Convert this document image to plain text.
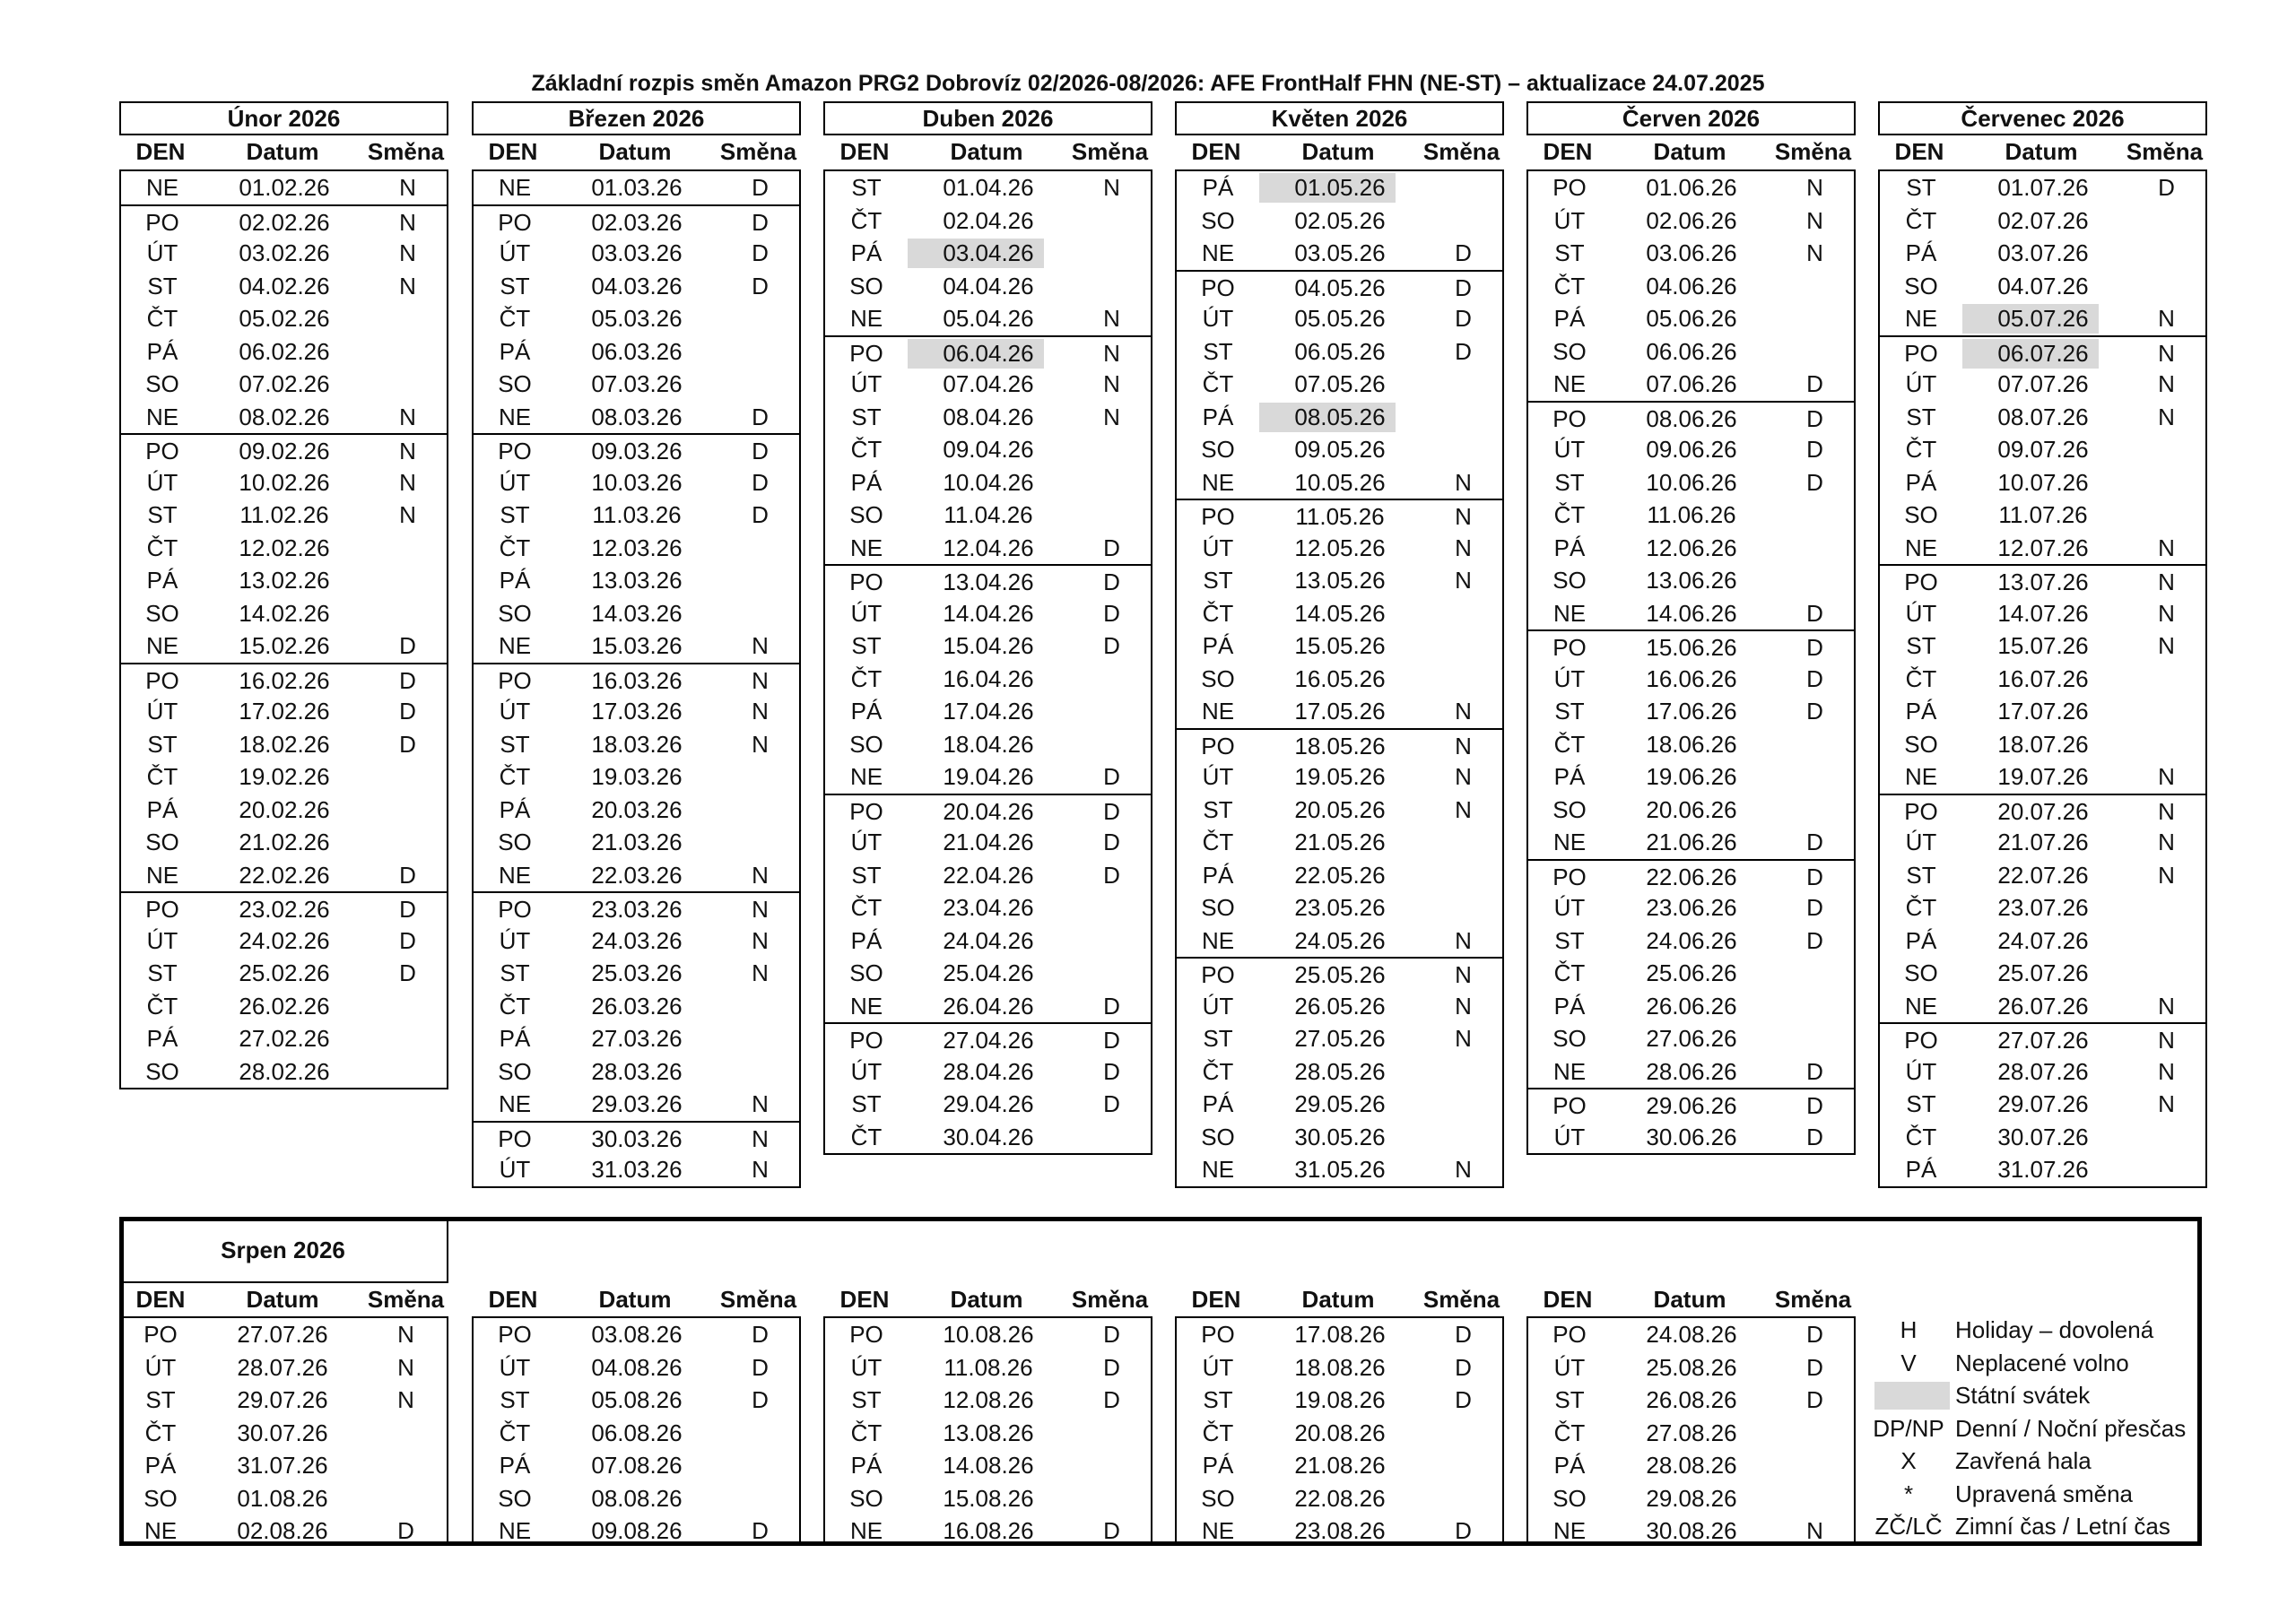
Základní rozpis směn Amazon PRG2 Dobrovíz 02/2026-08/2026: AFE FrontHalf FHN (NE-ST) – aktualizace 24.07.2025
Únor 2026
DEN	Datum	Směna
NE	01.02.26	N
PO	02.02.26	N
ÚT	03.02.26	N
ST	04.02.26	N
ČT	05.02.26
PÁ	06.02.26
SO	07.02.26
NE	08.02.26	N
PO	09.02.26	N
ÚT	10.02.26	N
ST	11.02.26	N
ČT	12.02.26
PÁ	13.02.26
SO	14.02.26
NE	15.02.26	D
PO	16.02.26	D
ÚT	17.02.26	D
ST	18.02.26	D
ČT	19.02.26
PÁ	20.02.26
SO	21.02.26
NE	22.02.26	D
PO	23.02.26	D
ÚT	24.02.26	D
ST	25.02.26	D
ČT	26.02.26
PÁ	27.02.26
SO	28.02.26
Březen 2026
DEN	Datum	Směna
NE	01.03.26	D
PO	02.03.26	D
ÚT	03.03.26	D
ST	04.03.26	D
ČT	05.03.26
PÁ	06.03.26
SO	07.03.26
NE	08.03.26	D
PO	09.03.26	D
ÚT	10.03.26	D
ST	11.03.26	D
ČT	12.03.26
PÁ	13.03.26
SO	14.03.26
NE	15.03.26	N
PO	16.03.26	N
ÚT	17.03.26	N
ST	18.03.26	N
ČT	19.03.26
PÁ	20.03.26
SO	21.03.26
NE	22.03.26	N
PO	23.03.26	N
ÚT	24.03.26	N
ST	25.03.26	N
ČT	26.03.26
PÁ	27.03.26
SO	28.03.26
NE	29.03.26	N
PO	30.03.26	N
ÚT	31.03.26	N
Duben 2026
DEN	Datum	Směna
ST	01.04.26	N
ČT	02.04.26
PÁ	03.04.26
SO	04.04.26
NE	05.04.26	N
PO	06.04.26	N
ÚT	07.04.26	N
ST	08.04.26	N
ČT	09.04.26
PÁ	10.04.26
SO	11.04.26
NE	12.04.26	D
PO	13.04.26	D
ÚT	14.04.26	D
ST	15.04.26	D
ČT	16.04.26
PÁ	17.04.26
SO	18.04.26
NE	19.04.26	D
PO	20.04.26	D
ÚT	21.04.26	D
ST	22.04.26	D
ČT	23.04.26
PÁ	24.04.26
SO	25.04.26
NE	26.04.26	D
PO	27.04.26	D
ÚT	28.04.26	D
ST	29.04.26	D
ČT	30.04.26
Květen 2026
DEN	Datum	Směna
PÁ	01.05.26
SO	02.05.26
NE	03.05.26	D
PO	04.05.26	D
ÚT	05.05.26	D
ST	06.05.26	D
ČT	07.05.26
PÁ	08.05.26
SO	09.05.26
NE	10.05.26	N
PO	11.05.26	N
ÚT	12.05.26	N
ST	13.05.26	N
ČT	14.05.26
PÁ	15.05.26
SO	16.05.26
NE	17.05.26	N
PO	18.05.26	N
ÚT	19.05.26	N
ST	20.05.26	N
ČT	21.05.26
PÁ	22.05.26
SO	23.05.26
NE	24.05.26	N
PO	25.05.26	N
ÚT	26.05.26	N
ST	27.05.26	N
ČT	28.05.26
PÁ	29.05.26
SO	30.05.26
NE	31.05.26	N
Červen 2026
DEN	Datum	Směna
PO	01.06.26	N
ÚT	02.06.26	N
ST	03.06.26	N
ČT	04.06.26
PÁ	05.06.26
SO	06.06.26
NE	07.06.26	D
PO	08.06.26	D
ÚT	09.06.26	D
ST	10.06.26	D
ČT	11.06.26
PÁ	12.06.26
SO	13.06.26
NE	14.06.26	D
PO	15.06.26	D
ÚT	16.06.26	D
ST	17.06.26	D
ČT	18.06.26
PÁ	19.06.26
SO	20.06.26
NE	21.06.26	D
PO	22.06.26	D
ÚT	23.06.26	D
ST	24.06.26	D
ČT	25.06.26
PÁ	26.06.26
SO	27.06.26
NE	28.06.26	D
PO	29.06.26	D
ÚT	30.06.26	D
Červenec 2026
DEN	Datum	Směna
ST	01.07.26	D
ČT	02.07.26
PÁ	03.07.26
SO	04.07.26
NE	05.07.26	N
PO	06.07.26	N
ÚT	07.07.26	N
ST	08.07.26	N
ČT	09.07.26
PÁ	10.07.26
SO	11.07.26
NE	12.07.26	N
PO	13.07.26	N
ÚT	14.07.26	N
ST	15.07.26	N
ČT	16.07.26
PÁ	17.07.26
SO	18.07.26
NE	19.07.26	N
PO	20.07.26	N
ÚT	21.07.26	N
ST	22.07.26	N
ČT	23.07.26
PÁ	24.07.26
SO	25.07.26
NE	26.07.26	N
PO	27.07.26	N
ÚT	28.07.26	N
ST	29.07.26	N
ČT	30.07.26
PÁ	31.07.26
Srpen 2026
DEN	Datum	Směna
PO	27.07.26	N
ÚT	28.07.26	N
ST	29.07.26	N
ČT	30.07.26
PÁ	31.07.26
SO	01.08.26
NE	02.08.26	D
DEN	Datum	Směna
PO	03.08.26	D
ÚT	04.08.26	D
ST	05.08.26	D
ČT	06.08.26
PÁ	07.08.26
SO	08.08.26
NE	09.08.26	D
DEN	Datum	Směna
PO	10.08.26	D
ÚT	11.08.26	D
ST	12.08.26	D
ČT	13.08.26
PÁ	14.08.26
SO	15.08.26
NE	16.08.26	D
DEN	Datum	Směna
PO	17.08.26	D
ÚT	18.08.26	D
ST	19.08.26	D
ČT	20.08.26
PÁ	21.08.26
SO	22.08.26
NE	23.08.26	D
DEN	Datum	Směna
PO	24.08.26	D
ÚT	25.08.26	D
ST	26.08.26	D
ČT	27.08.26
PÁ	28.08.26
SO	29.08.26
NE	30.08.26	N
H	Holiday – dovolená
V	Neplacené volno
Státní svátek
DP/NP Denní / Noční přesčas
X	Zavřená hala
*	Upravená směna
ZČ/LČ Zimní čas / Letní čas
